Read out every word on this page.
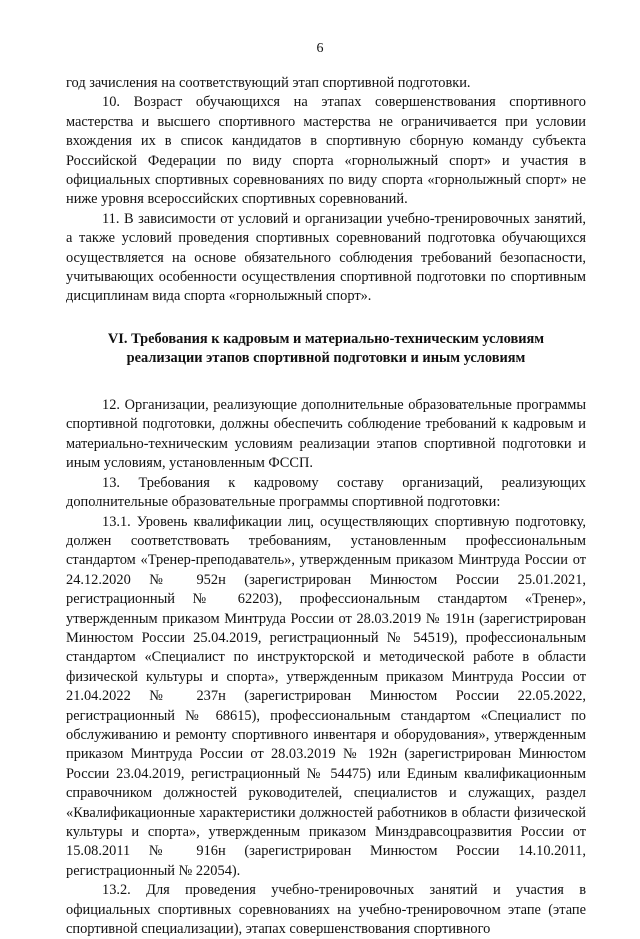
6

год зачисления на соответствующий этап спортивной подготовки.

10. Возраст обучающихся на этапах совершенствования спортивного мастерства и высшего спортивного мастерства не ограничивается при условии вхождения их в список кандидатов в спортивную сборную команду субъекта Российской Федерации по виду спорта «горнолыжный спорт» и участия в официальных спортивных соревнованиях по виду спорта «горнолыжный спорт» не ниже уровня всероссийских спортивных соревнований.

11. В зависимости от условий и организации учебно-тренировочных занятий, а также условий проведения спортивных соревнований подготовка обучающихся осуществляется на основе обязательного соблюдения требований безопасности, учитывающих особенности осуществления спортивной подготовки по спортивным дисциплинам вида спорта «горнолыжный спорт».

VI. Требования к кадровым и материально-техническим условиям
реализации этапов спортивной подготовки и иным условиям

12. Организации, реализующие дополнительные образовательные программы спортивной подготовки, должны обеспечить соблюдение требований к кадровым и материально-техническим условиям реализации этапов спортивной подготовки и иным условиям, установленным ФССП.

13. Требования к кадровому составу организаций, реализующих дополнительные образовательные программы спортивной подготовки:

13.1. Уровень квалификации лиц, осуществляющих спортивную подготовку, должен соответствовать требованиям, установленным профессиональным стандартом «Тренер-преподаватель», утвержденным приказом Минтруда России от 24.12.2020 № 952н (зарегистрирован Минюстом России 25.01.2021, регистрационный № 62203), профессиональным стандартом «Тренер», утвержденным приказом Минтруда России от 28.03.2019 № 191н (зарегистрирован Минюстом России 25.04.2019, регистрационный № 54519), профессиональным стандартом «Специалист по инструкторской и методической работе в области физической культуры и спорта», утвержденным приказом Минтруда России от 21.04.2022 № 237н (зарегистрирован Минюстом России 22.05.2022, регистрационный № 68615), профессиональным стандартом «Специалист по обслуживанию и ремонту спортивного инвентаря и оборудования», утвержденным приказом Минтруда России от 28.03.2019 № 192н (зарегистрирован Минюстом России 23.04.2019, регистрационный № 54475) или Единым квалификационным справочником должностей руководителей, специалистов и служащих, раздел «Квалификационные характеристики должностей работников в области физической культуры и спорта», утвержденным приказом Минздравсоцразвития России от 15.08.2011 № 916н (зарегистрирован Минюстом России 14.10.2011, регистрационный № 22054).

13.2. Для проведения учебно-тренировочных занятий и участия в официальных спортивных соревнованиях на учебно-тренировочном этапе (этапе спортивной специализации), этапах совершенствования спортивного
